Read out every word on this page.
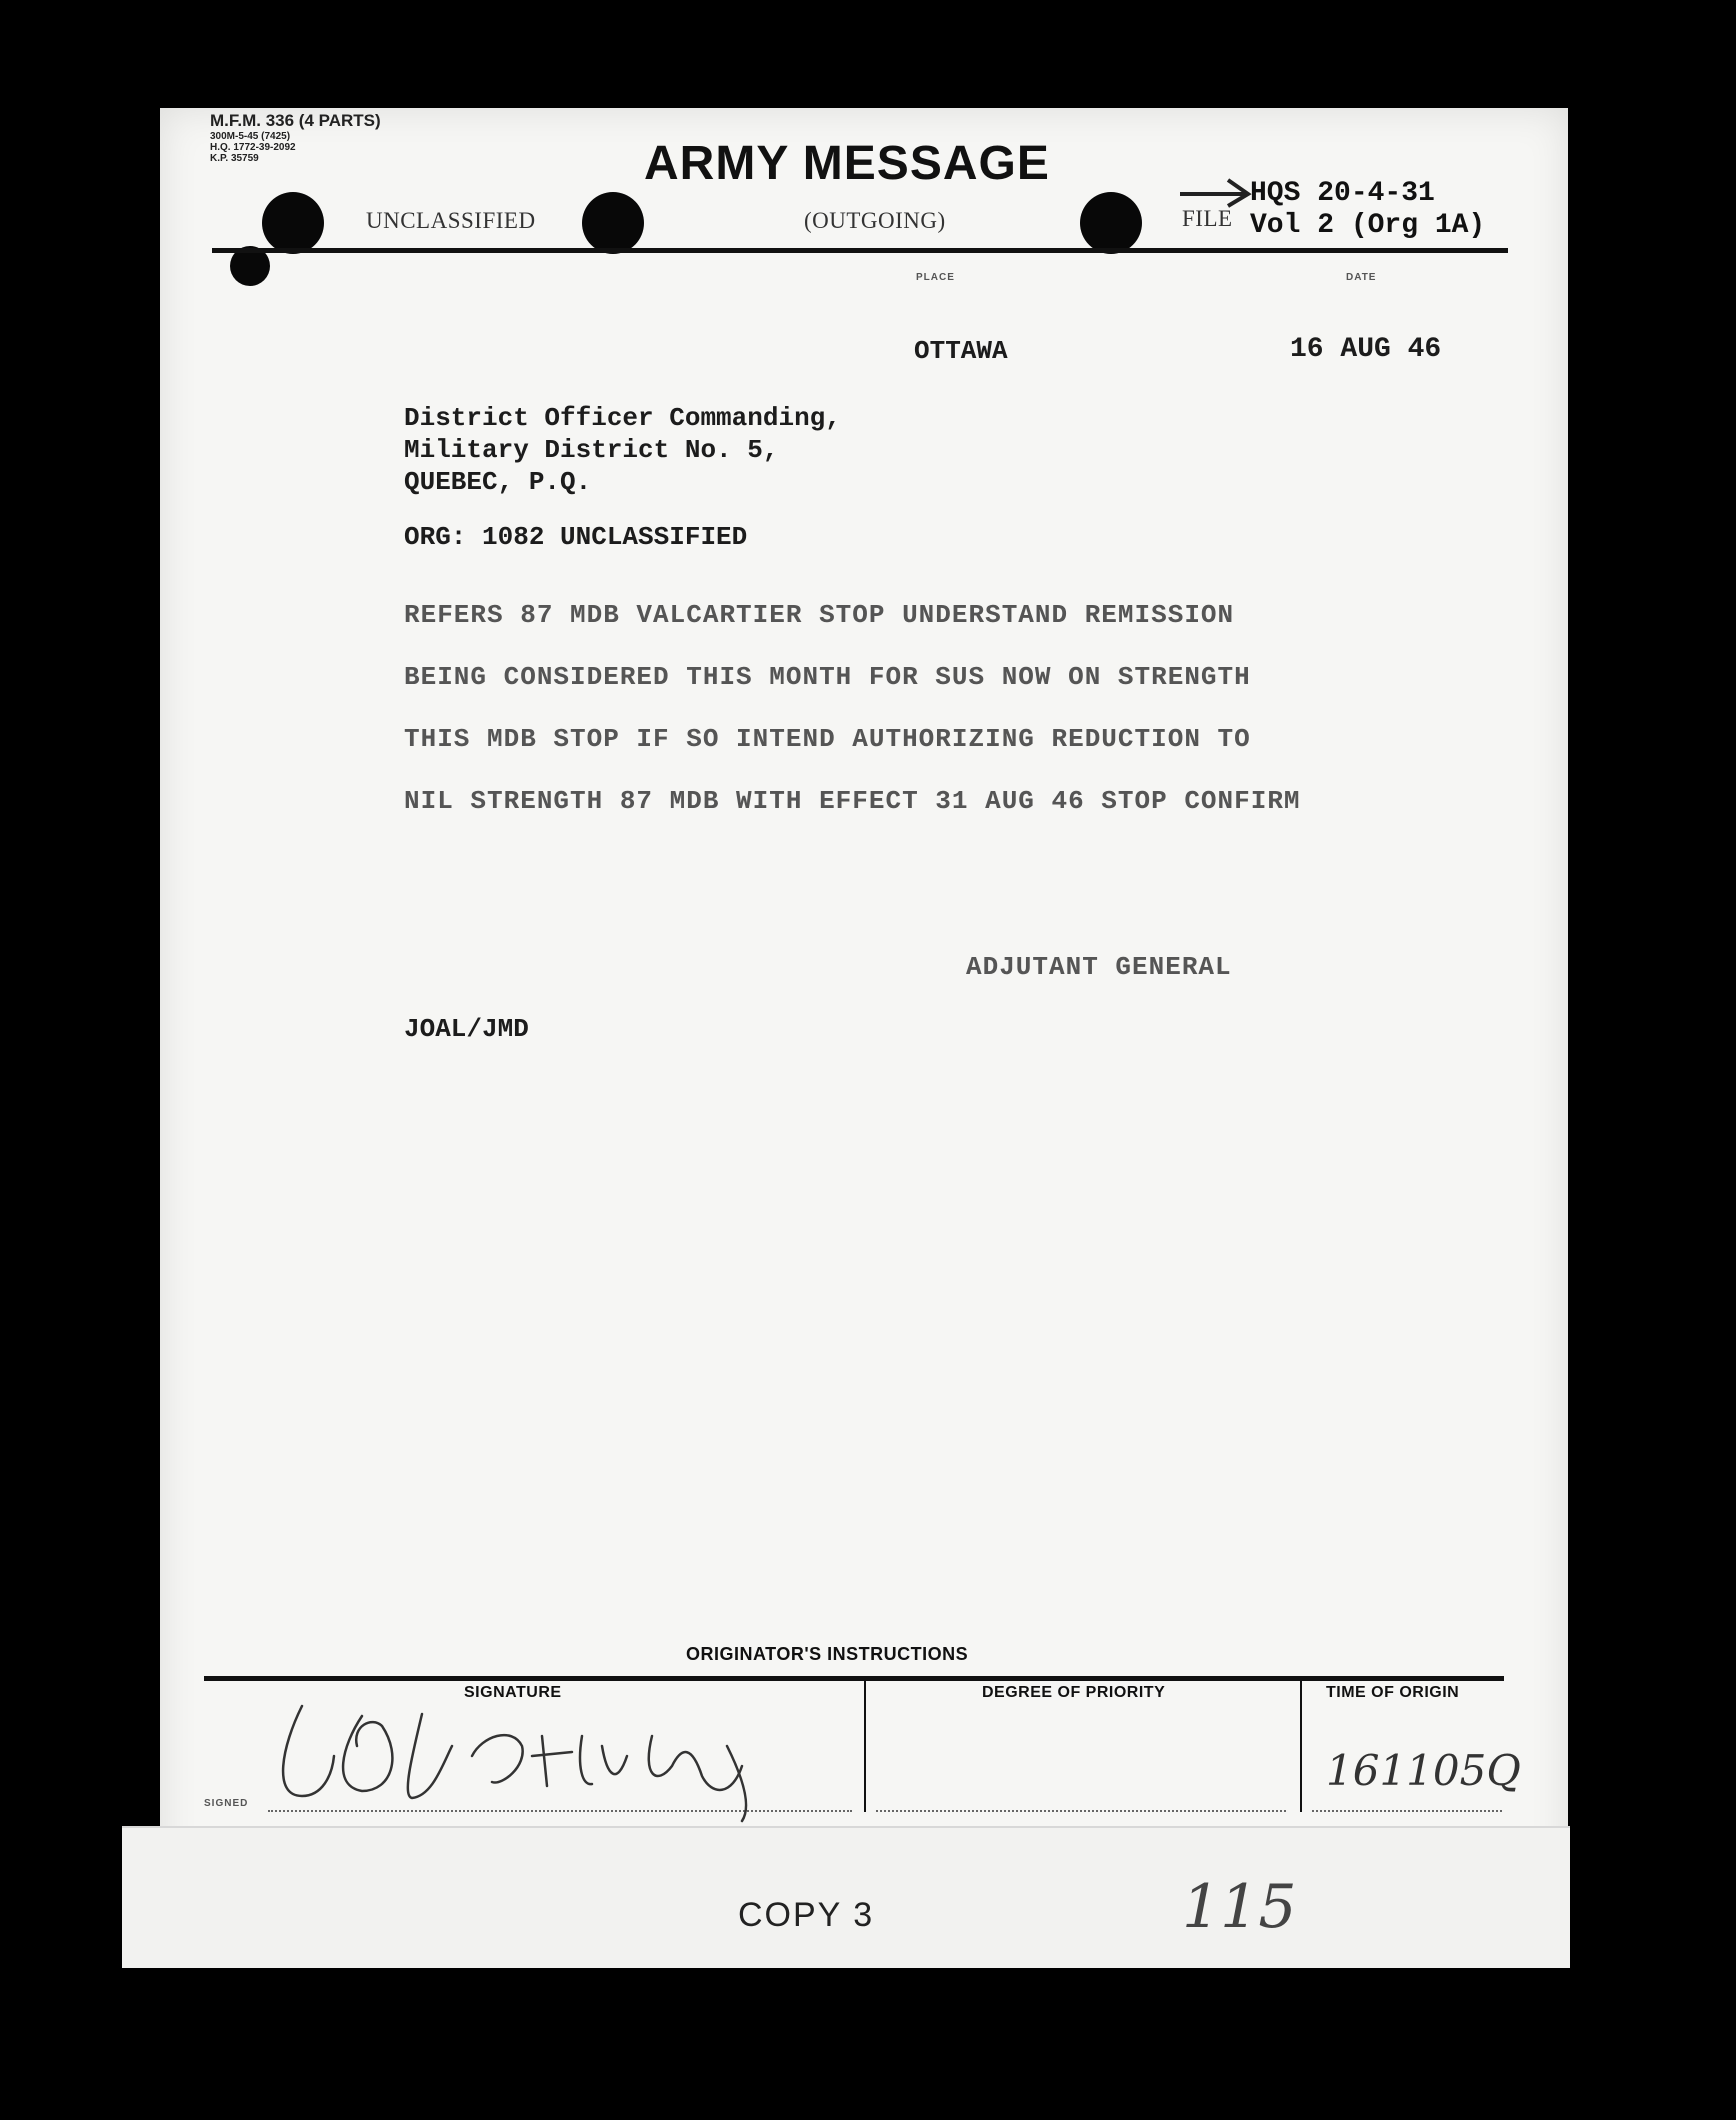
M.F.M. 336 (4 PARTS)
300M-5-45 (7425)
H.Q. 1772-39-2092
K.P. 35759	ARMY MESSAGE
UNCLASSIFIED	(OUTGOING)	FILE
HQS 20-4-31
Vol 2 (Org 1A)
PLACE	DATE
OTTAWA	16 AUG 46
District Officer Commanding,
Military District No. 5,
QUEBEC, P.Q.
ORG: 1082 UNCLASSIFIED
REFERS 87 MDB VALCARTIER STOP UNDERSTAND REMISSION
BEING CONSIDERED THIS MONTH FOR SUS NOW ON STRENGTH
THIS MDB STOP IF SO INTEND AUTHORIZING REDUCTION TO
NIL STRENGTH 87 MDB WITH EFFECT 31 AUG 46 STOP CONFIRM
ADJUTANT GENERAL
JOAL/JMD
ORIGINATOR'S INSTRUCTIONS
SIGNATURE	DEGREE OF PRIORITY	TIME OF ORIGIN
SIGNED
161105Q
COPY 3	115
